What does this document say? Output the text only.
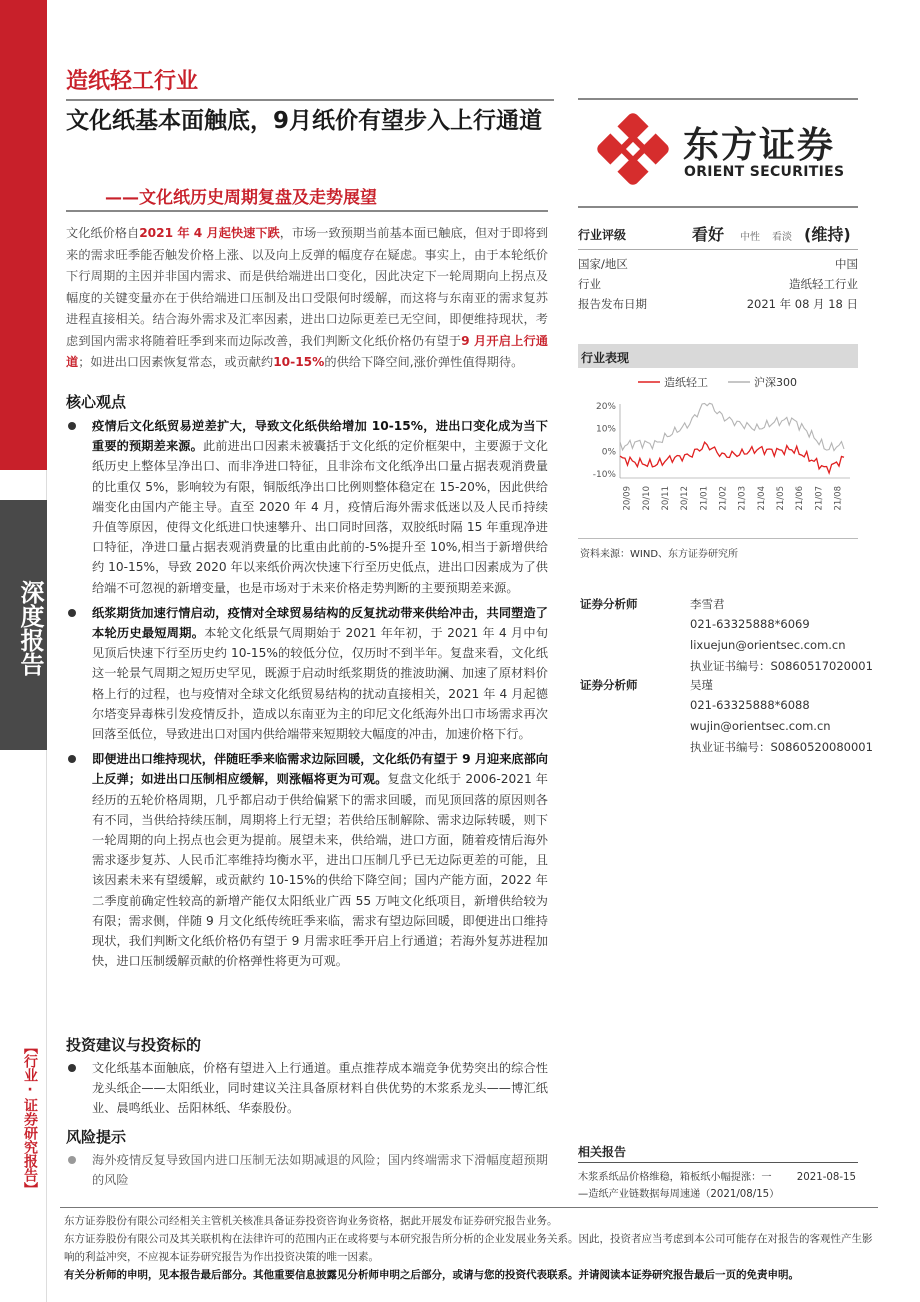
深度报告
【行业·证券研究报告】
造纸轻工行业
文化纸基本面触底，9月纸价有望步入上行通道
——文化纸历史周期复盘及走势展望
文化纸价格自2021 年 4 月起快速下跌，市场一致预期当前基本面已触底，但对于即将到来的需求旺季能否触发价格上涨、以及向上反弹的幅度存在疑虑。事实上，由于本轮纸价下行周期的主因并非国内需求、而是供给端进出口变化，因此决定下一轮周期向上拐点及幅度的关键变量亦在于供给端进口压制及出口受限何时缓解，而这将与东南亚的需求复苏进程直接相关。结合海外需求及汇率因素，进出口边际更差已无空间，即便维持现状，考虑到国内需求将随着旺季到来而边际改善，我们判断文化纸价格仍有望于9 月开启上行通道；如进出口因素恢复常态，或贡献约10-15%的供给下降空间,涨价弹性值得期待。
核心观点
疫情后文化纸贸易逆差扩大，导致文化纸供给增加 10-15%，进出口变化成为当下重要的预期差来源。此前进出口因素未被囊括于文化纸的定价框架中，主要源于文化纸历史上整体呈净出口、而非净进口特征，且非涂布文化纸净出口量占据表观消费量的比重仅 5%，影响较为有限，铜版纸净出口比例则整体稳定在 15-20%，因此供给端变化由国内产能主导。直至 2020 年 4 月，疫情后海外需求低迷以及人民币持续升值等原因，使得文化纸进口快速攀升、出口同时回落，双胶纸时隔 15 年重现净进口特征，净进口量占据表观消费量的比重由此前的-5%提升至 10%,相当于新增供给约 10-15%，导致 2020 年以来纸价两次快速下行至历史低点，进出口因素成为了供给端不可忽视的新增变量，也是市场对于未来价格走势判断的主要预期差来源。
纸浆期货加速行情启动，疫情对全球贸易结构的反复扰动带来供给冲击，共同塑造了本轮历史最短周期。本轮文化纸景气周期始于 2021 年年初，于 2021 年 4 月中旬见顶后快速下行至历史约 10-15%的较低分位，仅历时不到半年。复盘来看，文化纸这一轮景气周期之短历史罕见，既源于启动时纸浆期货的推波助澜、加速了原材料价格上行的过程，也与疫情对全球文化纸贸易结构的扰动直接相关，2021 年 4 月起德尔塔变异毒株引发疫情反扑，造成以东南亚为主的印尼文化纸海外出口市场需求再次回落至低位，导致进出口对国内供给端带来短期较大幅度的冲击，加速价格下行。
即便进出口维持现状，伴随旺季来临需求边际回暖，文化纸仍有望于 9 月迎来底部向上反弹；如进出口压制相应缓解，则涨幅将更为可观。复盘文化纸于 2006-2021 年经历的五轮价格周期，几乎都启动于供给偏紧下的需求回暖，而见顶回落的原因则各有不同，当供给持续压制，周期将上行无望；若供给压制解除、需求边际转暖，则下一轮周期的向上拐点也会更为提前。展望未来，供给端，进口方面，随着疫情后海外需求逐步复苏、人民币汇率维持均衡水平，进出口压制几乎已无边际更差的可能，且该因素未来有望缓解，或贡献约 10-15%的供给下降空间；国内产能方面，2022 年二季度前确定性较高的新增产能仅太阳纸业广西 55 万吨文化纸项目，新增供给较为有限；需求侧，伴随 9 月文化纸传统旺季来临，需求有望边际回暖，即便进出口维持现状，我们判断文化纸价格仍有望于 9 月需求旺季开启上行通道；若海外复苏进程加快，进口压制缓解贡献的价格弹性将更为可观。
投资建议与投资标的
文化纸基本面触底，价格有望进入上行通道。重点推荐成本端竞争优势突出的综合性龙头纸企——太阳纸业，同时建议关注具备原材料自供优势的木浆系龙头——博汇纸业、晨鸣纸业、岳阳林纸、华泰股份。
风险提示
海外疫情反复导致国内进口压制无法如期减退的风险；国内终端需求下滑幅度超预期的风险
东方证券
ORIENT SECURITIES
行业评级	看好 中性 看淡 (维持)
国家/地区	中国
行业	造纸轻工行业
报告发布日期	2021 年 08 月 18 日
行业表现
造纸轻工	沪深300
20%
10%
0%
-10%
20/09 20/10 20/11 20/12 21/01 21/02 21/03 21/04 21/05 21/06 21/07 21/08
资料来源：WIND、东方证券研究所
证券分析师	李雪君
021-63325888*6069
lixuejun@orientsec.com.cn
执业证书编号：S0860517020001
证券分析师	吴瑾
021-63325888*6088
wujin@orientsec.com.cn
执业证书编号：S0860520080001
相关报告
木浆系纸品价格维稳，箱板纸小幅提涨：一
—造纸产业链数据每周速递（2021/08/15）
2021-08-15
东方证券股份有限公司经相关主管机关核准具备证券投资咨询业务资格，据此开展发布证券研究报告业务。
东方证券股份有限公司及其关联机构在法律许可的范围内正在或将要与本研究报告所分析的企业发展业务关系。因此，投资者应当考虑到本公司可能存在对报告的客观性产生影响的利益冲突，不应视本证券研究报告为作出投资决策的唯一因素。
有关分析师的申明，见本报告最后部分。其他重要信息披露见分析师申明之后部分，或请与您的投资代表联系。并请阅读本证券研究报告最后一页的免责申明。
